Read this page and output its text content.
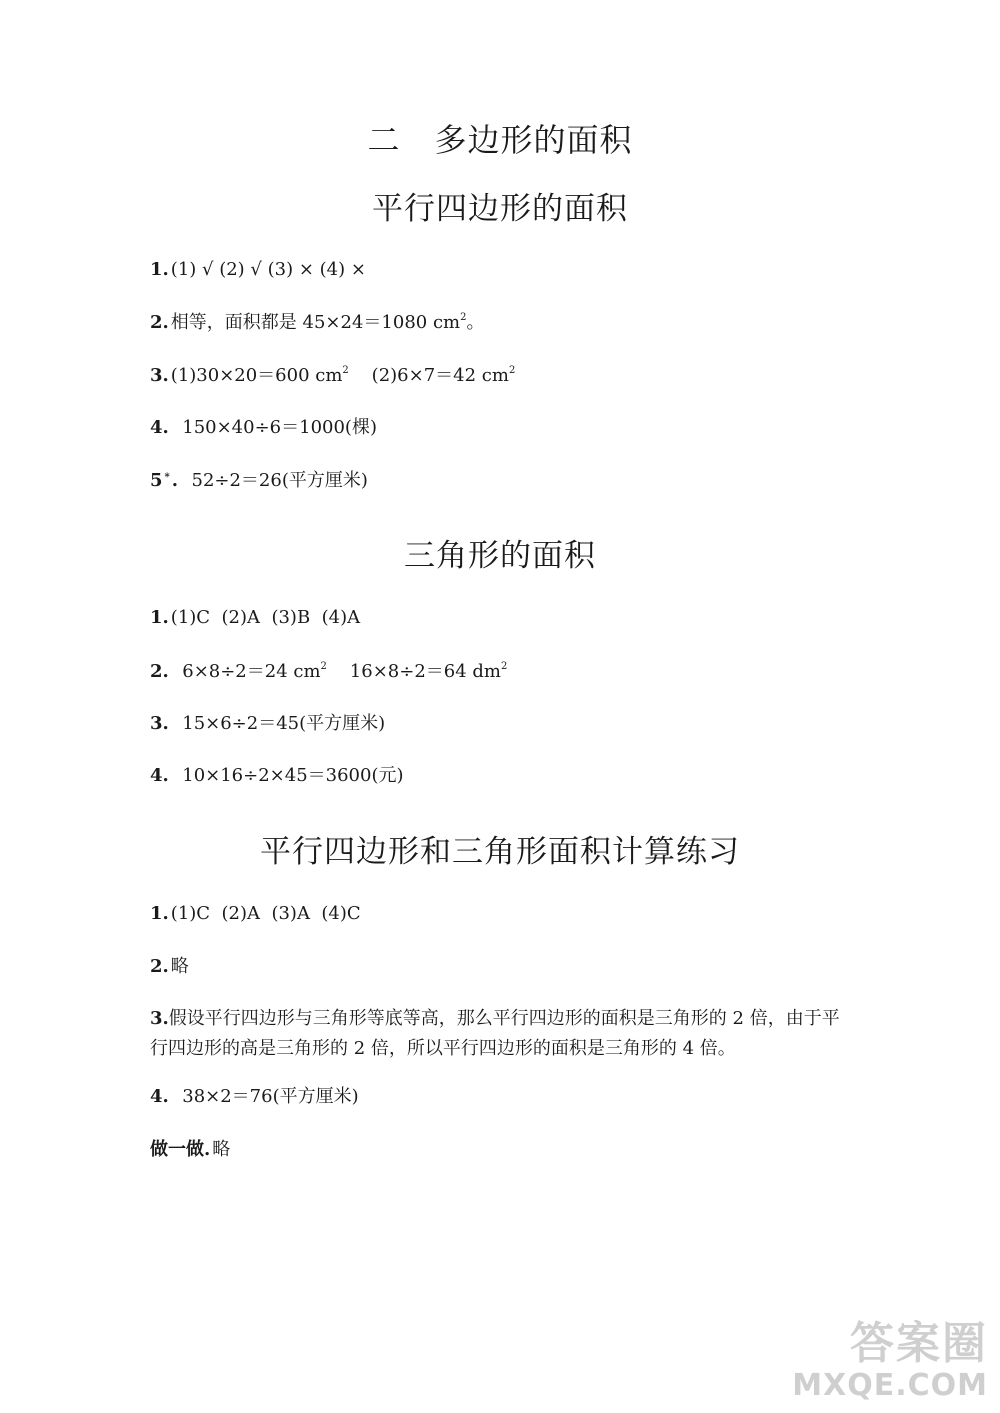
二 多边形的面积
平行四边形的面积
1. (1) √ (2) √ (3) × (4) ×
2. 相等，面积都是 45×24＝1080 $cm^2$。
3. (1)30×20＝600 $cm^2$    (2)6×7＝42 $cm^2$
4.  150×40÷6＝1000(棵)
5 * .  52÷2＝26(平方厘米)
三角形的面积
1. (1)C  (2)A  (3)B  (4)A
2.  6×8÷2＝24 $cm^2$    16×8÷2＝64 $dm^2$
3.  15×6÷2＝45(平方厘米)
4.  10×16÷2×45＝3600(元)
平行四边形和三角形面积计算练习
1. (1)C  (2)A  (3)A  (4)C
2. 略
3.假设平行四边形与三角形等底等高，那么平行四边形的面积是三角形的 2 倍，由于平行四边形的高是三角形的 2 倍，所以平行四边形的面积是三角形的 4 倍。
4.  38×2＝76(平方厘米)
做一做. 略
答案圈
MXQE.COM
